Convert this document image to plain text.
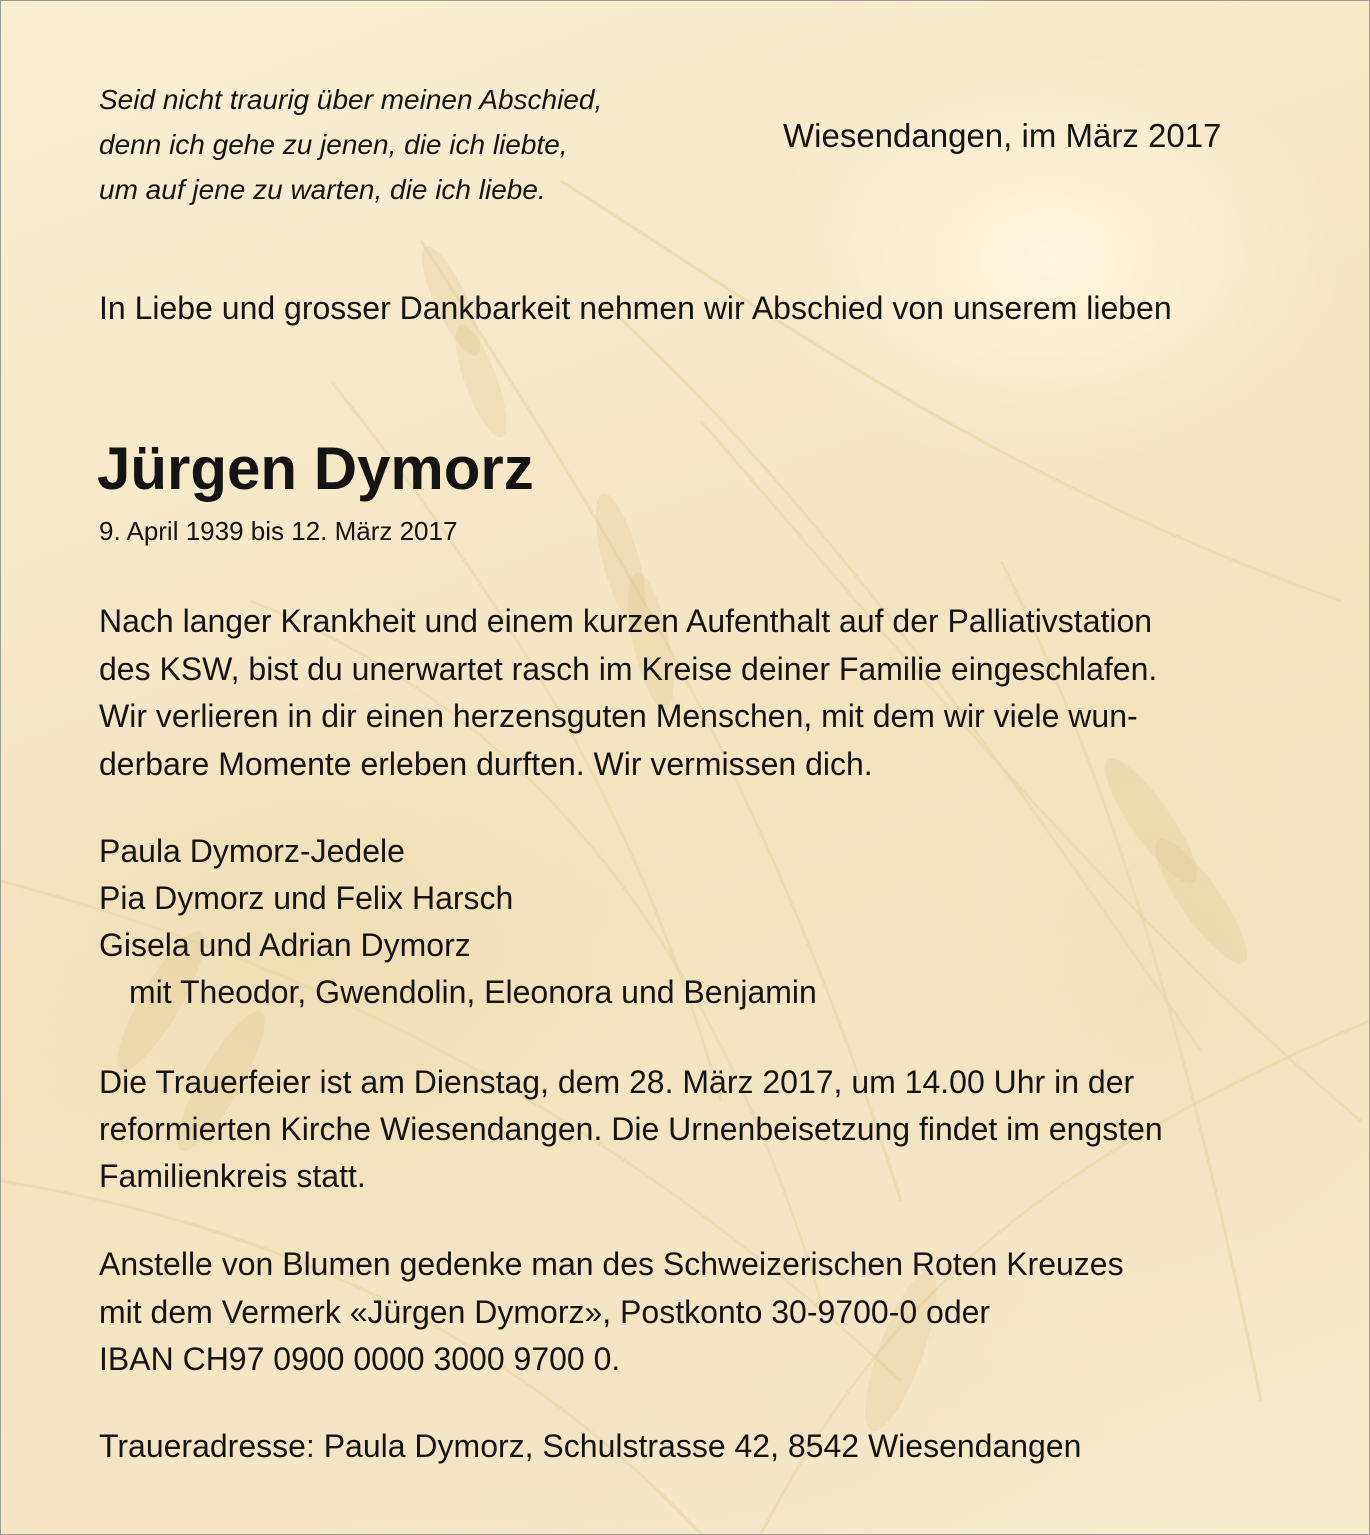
Seid nicht traurig über meinen Abschied,
denn ich gehe zu jenen, die ich liebte,
um auf jene zu warten, die ich liebe.
Wiesendangen, im März 2017
In Liebe und grosser Dankbarkeit nehmen wir Abschied von unserem lieben
Jürgen Dymorz
9. April 1939 bis 12. März 2017
Nach langer Krankheit und einem kurzen Aufenthalt auf der Palliativstation
des KSW, bist du unerwartet rasch im Kreise deiner Familie eingeschlafen.
Wir verlieren in dir einen herzensguten Menschen, mit dem wir viele wun-
derbare Momente erleben durften. Wir vermissen dich.
Paula Dymorz-Jedele
Pia Dymorz und Felix Harsch
Gisela und Adrian Dymorz
mit Theodor, Gwendolin, Eleonora und Benjamin
Die Trauerfeier ist am Dienstag, dem 28. März 2017, um 14.00 Uhr in der
reformierten Kirche Wiesendangen. Die Urnenbeisetzung findet im engsten
Familienkreis statt.
Anstelle von Blumen gedenke man des Schweizerischen Roten Kreuzes
mit dem Vermerk «Jürgen Dymorz», Postkonto 30-9700-0 oder
IBAN CH97 0900 0000 3000 9700 0.
Traueradresse: Paula Dymorz, Schulstrasse 42, 8542 Wiesendangen
